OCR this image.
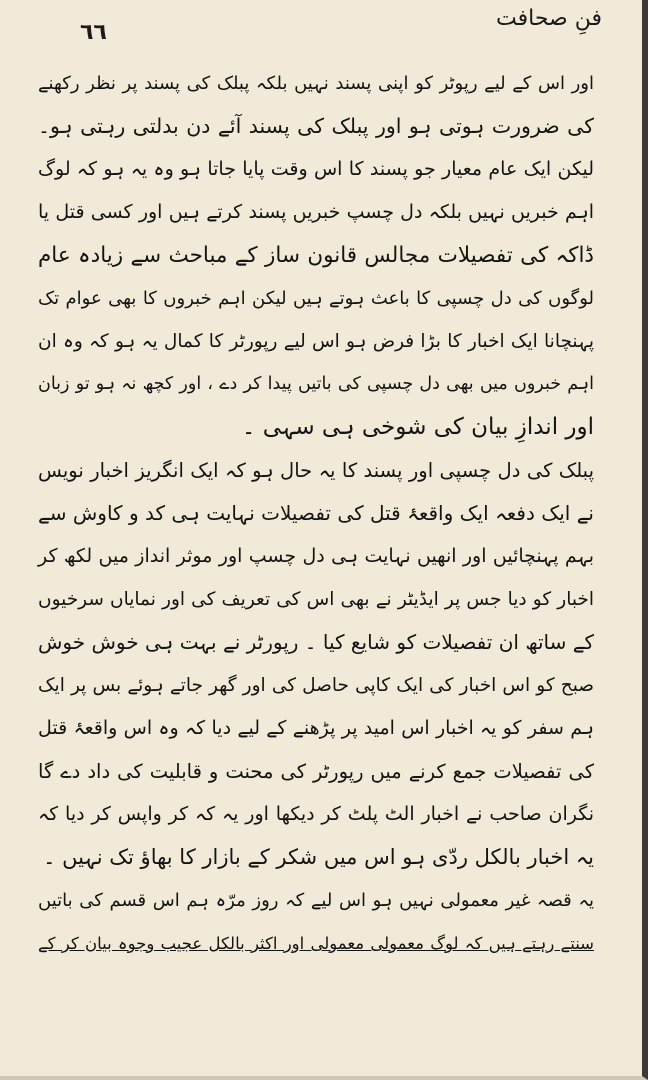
٦٦
فنِ صحافت
اور اس کے لیے رپوٹر کو اپنی پسند نہیں بلکہ پبلک کی پسند پر نظر رکھنے
کی ضرورت ہوتی ہو اور پبلک کی پسند آئے دن بدلتی رہتی ہو۔
لیکن ایک عام معیار جو پسند کا اس وقت پایا جاتا ہو وہ یہ ہو کہ لوگ
اہم خبریں نہیں بلکہ دل چسپ خبریں پسند کرتے ہیں اور کسی قتل یا
ڈاکہ کی تفصیلات مجالس قانون ساز کے مباحث سے زیادہ عام
لوگوں کی دل چسپی کا باعث ہوتے ہیں لیکن اہم خبروں کا بھی عوام تک
پہنچانا ایک اخبار کا بڑا فرض ہو اس لیے رپورٹر کا کمال یہ ہو کہ وہ ان
اہم خبروں میں بھی دل چسپی کی باتیں پیدا کر دے ، اور کچھ نہ ہو تو زبان
اور اندازِ بیان کی شوخی ہی سہی ۔
پبلک کی دل چسپی اور پسند کا یہ حال ہو کہ ایک انگریز اخبار نویس
نے ایک دفعہ ایک واقعۂ قتل کی تفصیلات نہایت ہی کد و کاوش سے
بہم پہنچائیں اور انھیں نہایت ہی دل چسپ اور موثر انداز میں لکھ کر
اخبار کو دیا جس پر ایڈیٹر نے بھی اس کی تعریف کی اور نمایاں سرخیوں
کے ساتھ ان تفصیلات کو شایع کیا ۔ رپورٹر نے بہت ہی خوش خوش
صبح کو اس اخبار کی ایک کاپی حاصل کی اور گھر جاتے ہوئے بس پر ایک
ہم سفر کو یہ اخبار اس امید پر پڑھنے کے لیے دیا کہ وہ اس واقعۂ قتل
کی تفصیلات جمع کرنے میں رپورٹر کی محنت و قابلیت کی داد دے گا
نگران صاحب نے اخبار الٹ پلٹ کر دیکھا اور یہ کہ کر واپس کر دیا کہ
یہ اخبار بالکل ردّی ہو اس میں شکر کے بازار کا بھاؤ تک نہیں ۔
یہ قصہ غیر معمولی نہیں ہو اس لیے کہ روز مرّہ ہم اس قسم کی باتیں
سنتے رہتے ہیں کہ لوگ معمولی معمولی اور اکثر بالکل عجیب وجوہ بیان کر کے
